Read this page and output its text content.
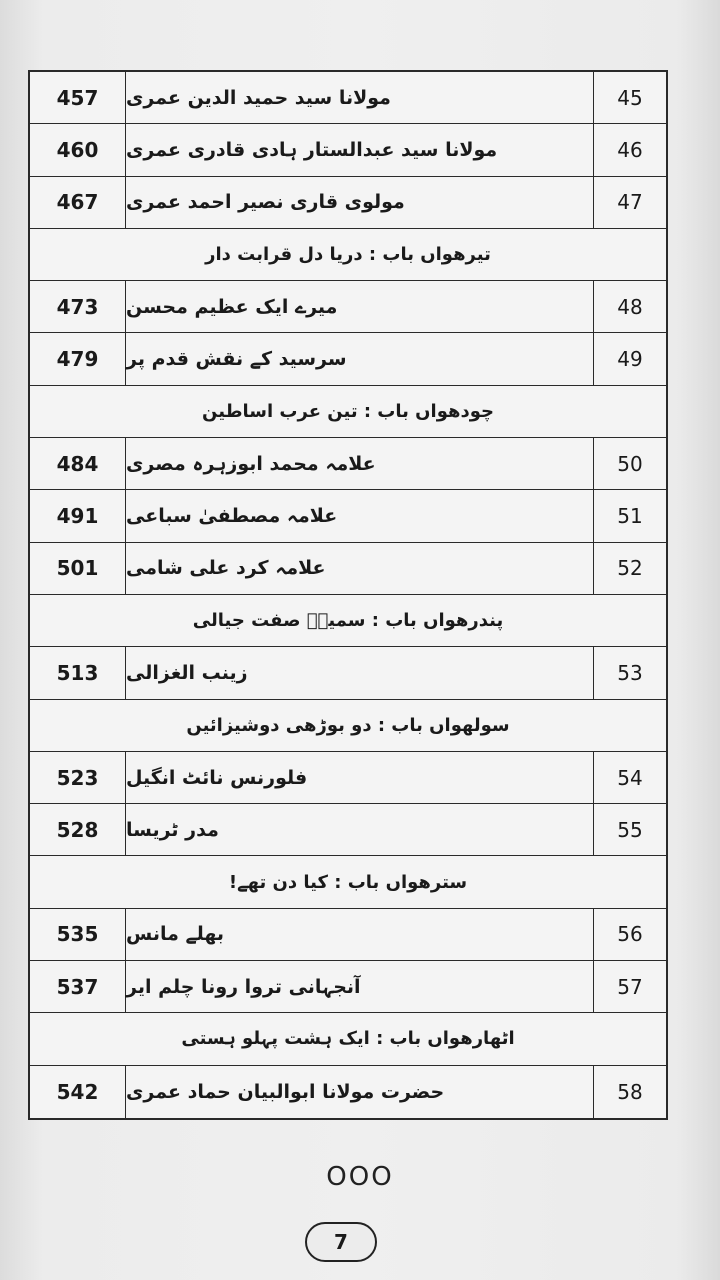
457	مولانا سید حمید الدین عمری	45
460	مولانا سید عبدالستار ہادی قادری عمری	46
467	مولوی قاری نصیر احمد عمری	47
تیرھواں باب : دریا دل قرابت دار
473	میرے ایک عظیم محسن	48
479	سرسید کے نقش قدم پر	49
چودھواں باب : تین عرب اساطین
484	علامہ محمد ابوزہرہ مصری	50
491	علامہ مصطفیٰ سباعی	51
501	علامہ کرد علی شامی	52
پندرھواں باب : سمیہؓ صفت جیالی
513	زینب الغزالی	53
سولھواں باب : دو بوڑھی دوشیزائیں
523	فلورنس نائٹ انگیل	54
528	مدر ٹریسا	55
سترھواں باب : کیا دن تھے!
535	بھلے مانس	56
537	آنجہانی تروا رونا چلم ایر	57
اٹھارھواں باب : ایک ہشت پہلو ہستی
542	حضرت مولانا ابوالبیان حماد عمری	58
OOO
7
